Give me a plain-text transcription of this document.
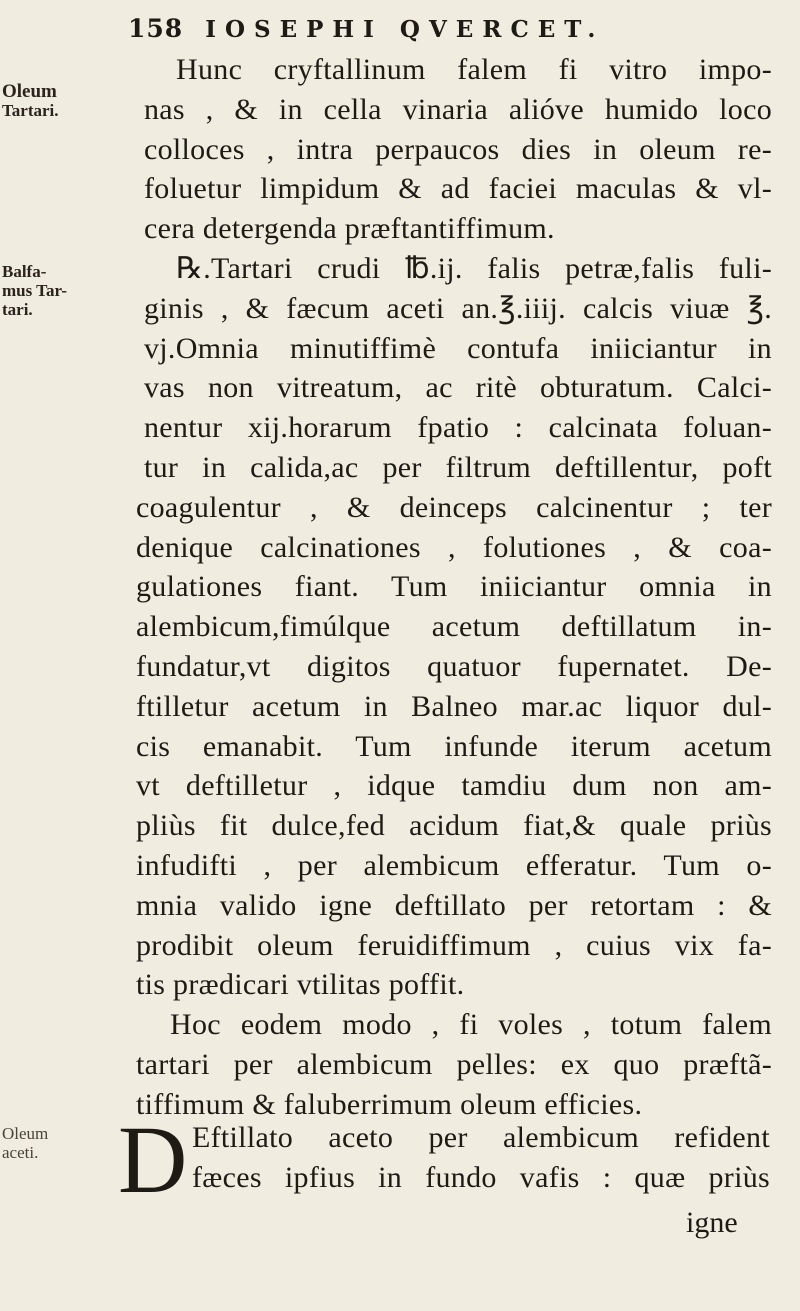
158 IOSEPHI QVERCET.
Oleum
Tartari.
Balfa-
mus Tar-
tari.
Oleum
aceti.
Hunc cryftallinum falem fi vitro impo-
nas , & in cella vinaria alióve humido loco
colloces , intra perpaucos dies in oleum re-
foluetur limpidum & ad faciei maculas & vl-
cera detergenda præftantiffimum.
℞.Tartari crudi ℔.ij. falis petræ,falis fuli-
ginis , & fæcum aceti an.℥.iiij. calcis viuæ ℥.
vj.Omnia minutiffimè contufa iniiciantur in
vas non vitreatum, ac ritè obturatum. Calci-
nentur xij.horarum fpatio : calcinata foluan-
tur in calida,ac per filtrum deftillentur, poft
coagulentur , & deinceps calcinentur ; ter
denique calcinationes , folutiones , & coa-
gulationes fiant. Tum iniiciantur omnia in
alembicum,fimúlque acetum deftillatum in-
fundatur,vt digitos quatuor fupernatet. De-
ftilletur acetum in Balneo mar.ac liquor dul-
cis emanabit. Tum infunde iterum acetum
vt deftilletur , idque tamdiu dum non am-
pliùs fit dulce,fed acidum fiat,& quale priùs
infudifti , per alembicum efferatur. Tum o-
mnia valido igne deftillato per retortam : &
prodibit oleum feruidiffimum , cuius vix fa-
tis prædicari vtilitas poffit.
Hoc eodem modo , fi voles , totum falem
tartari per alembicum pelles: ex quo præftã-
tiffimum & faluberrimum oleum efficies.
D Eftillato aceto per alembicum refident
fæces ipfius in fundo vafis : quæ priùs
igne
